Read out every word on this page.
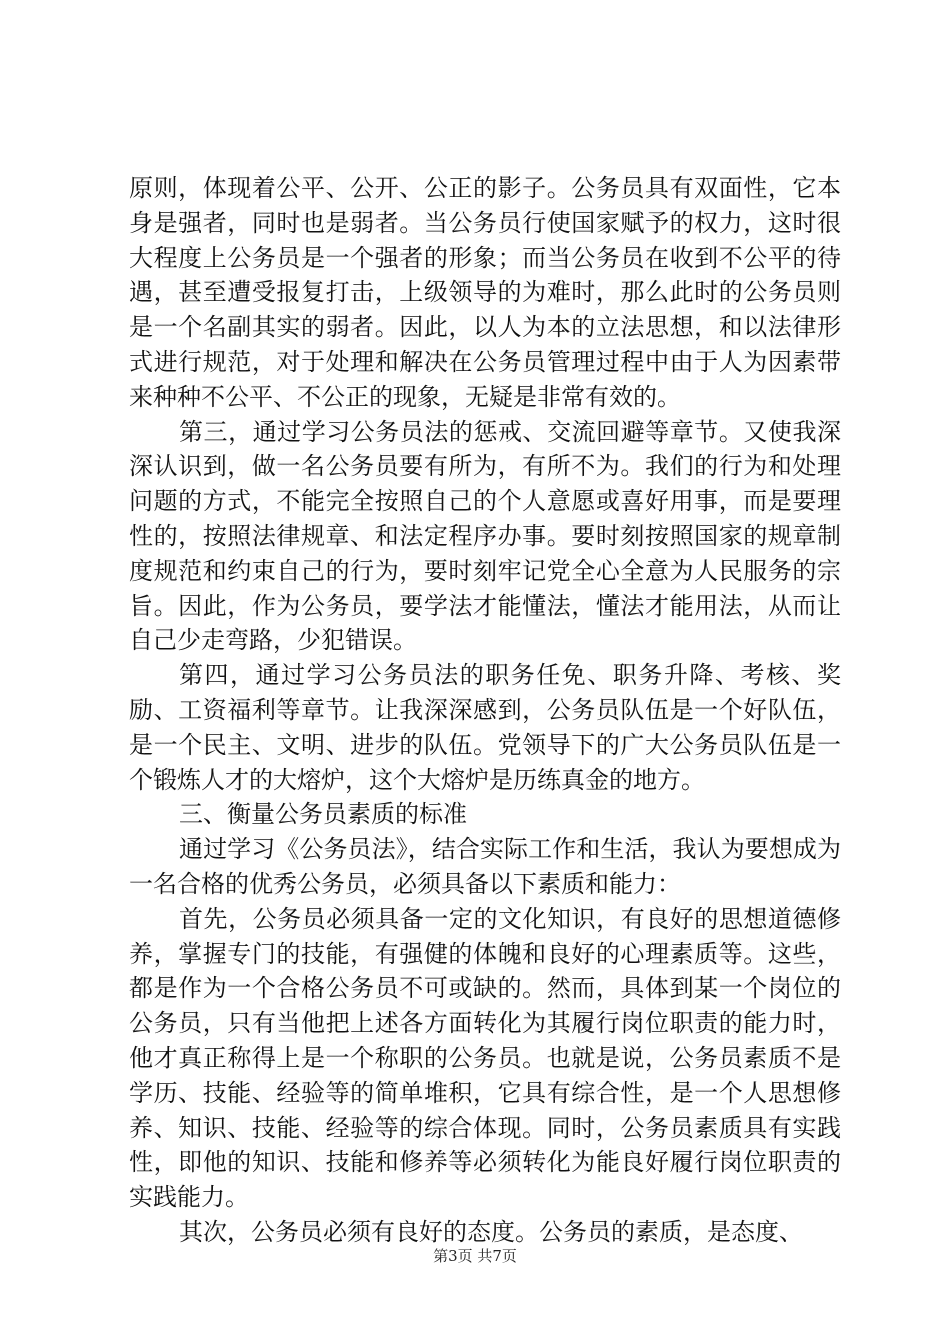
原则，体现着公平、公开、公正的影子。公务员具有双面性，它本身是强者，同时也是弱者。当公务员行使国家赋予的权力，这时很大程度上公务员是一个强者的形象；而当公务员在收到不公平的待遇，甚至遭受报复打击，上级领导的为难时，那么此时的公务员则是一个名副其实的弱者。因此，以人为本的立法思想，和以法律形式进行规范，对于处理和解决在公务员管理过程中由于人为因素带来种种不公平、不公正的现象，无疑是非常有效的。

第三，通过学习公务员法的惩戒、交流回避等章节。又使我深深认识到，做一名公务员要有所为，有所不为。我们的行为和处理问题的方式，不能完全按照自己的个人意愿或喜好用事，而是要理性的，按照法律规章、和法定程序办事。要时刻按照国家的规章制度规范和约束自己的行为，要时刻牢记党全心全意为人民服务的宗旨。因此，作为公务员，要学法才能懂法，懂法才能用法，从而让自己少走弯路，少犯错误。

第四，通过学习公务员法的职务任免、职务升降、考核、奖励、工资福利等章节。让我深深感到，公务员队伍是一个好队伍，是一个民主、文明、进步的队伍。党领导下的广大公务员队伍是一个锻炼人才的大熔炉，这个大熔炉是历练真金的地方。

三、衡量公务员素质的标准

通过学习《公务员法》，结合实际工作和生活，我认为要想成为一名合格的优秀公务员，必须具备以下素质和能力：

首先，公务员必须具备一定的文化知识，有良好的思想道德修养，掌握专门的技能，有强健的体魄和良好的心理素质等。这些，都是作为一个合格公务员不可或缺的。然而，具体到某一个岗位的公务员，只有当他把上述各方面转化为其履行岗位职责的能力时，他才真正称得上是一个称职的公务员。也就是说，公务员素质不是学历、技能、经验等的简单堆积，它具有综合性，是一个人思想修养、知识、技能、经验等的综合体现。同时，公务员素质具有实践性，即他的知识、技能和修养等必须转化为能良好履行岗位职责的实践能力。

其次，公务员必须有良好的态度。公务员的素质，是态度、

第3页 共7页
